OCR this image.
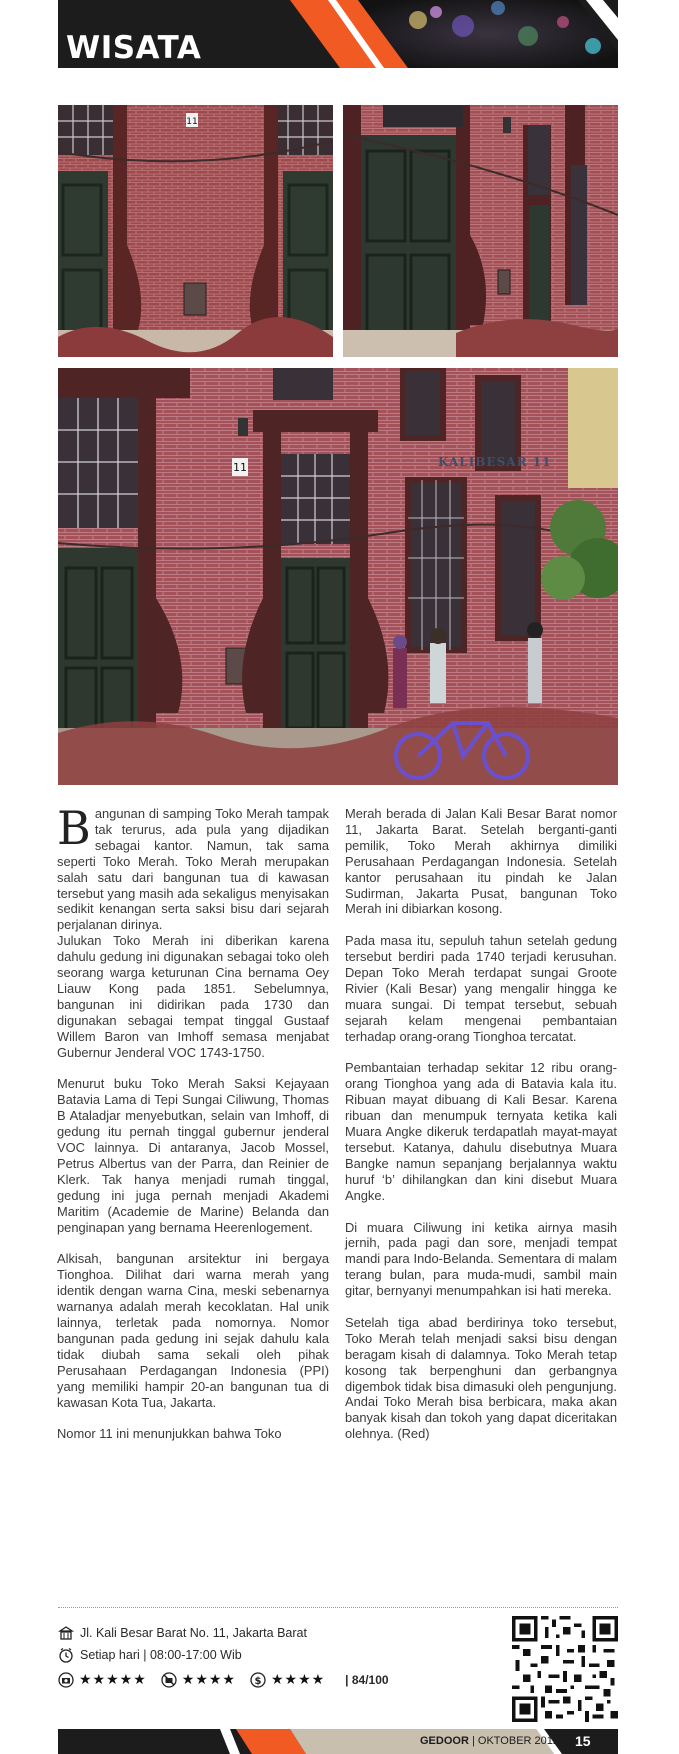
WISATA
11
KALIBESAR 11
11

Bangunan di samping Toko Merah tampak tak terurus, ada pula yang dijadikan sebagai kantor. Namun, tak sama seperti Toko Merah. Toko Merah merupakan salah satu dari bangunan tua di kawasan tersebut yang masih ada sekaligus menyisakan sedikit kenangan serta saksi bisu dari sejarah perjalanan dirinya.

Julukan Toko Merah ini diberikan karena dahulu gedung ini digunakan sebagai toko oleh seorang warga keturunan Cina bernama Oey Liauw Kong pada 1851. Sebelumnya, bangunan ini didirikan pada 1730 dan digunakan sebagai tempat tinggal Gustaaf Willem Baron van Imhoff semasa menjabat Gubernur Jenderal VOC 1743-1750.

Menurut buku Toko Merah Saksi Kejayaan Batavia Lama di Tepi Sungai Ciliwung, Thomas B Ataladjar menyebutkan, selain van Imhoff, di gedung itu pernah tinggal gubernur jenderal VOC lainnya. Di antaranya, Jacob Mossel, Petrus Albertus van der Parra, dan Reinier de Klerk. Tak hanya menjadi rumah tinggal, gedung ini juga pernah menjadi Akademi Maritim (Academie de Marine) Belanda dan penginapan yang bernama Heerenlogement.

Alkisah, bangunan arsitektur ini bergaya Tionghoa. Dilihat dari warna merah yang identik dengan warna Cina, meski sebenarnya warnanya adalah merah kecoklatan. Hal unik lainnya, terletak pada nomornya. Nomor bangunan pada gedung ini sejak dahulu kala tidak diubah sama sekali oleh pihak Perusahaan Perdagangan Indonesia (PPI) yang memiliki hampir 20-an bangunan tua di kawasan Kota Tua, Jakarta.

Nomor 11 ini menunjukkan bahwa Toko

Merah berada di Jalan Kali Besar Barat nomor 11, Jakarta Barat. Setelah berganti-ganti pemilik, Toko Merah akhirnya dimiliki Perusahaan Perdagangan Indonesia. Setelah kantor perusahaan itu pindah ke Jalan Sudirman, Jakarta Pusat, bangunan Toko Merah ini dibiarkan kosong.

Pada masa itu, sepuluh tahun setelah gedung tersebut berdiri pada 1740 terjadi kerusuhan. Depan Toko Merah terdapat sungai Groote Rivier (Kali Besar) yang mengalir hingga ke muara sungai. Di tempat tersebut, sebuah sejarah kelam mengenai pembantaian terhadap orang-orang Tionghoa tercatat.

Pembantaian terhadap sekitar 12 ribu orang-orang Tionghoa yang ada di Batavia kala itu. Ribuan mayat dibuang di Kali Besar. Karena ribuan dan menumpuk ternyata ketika kali Muara Angke dikeruk terdapatlah mayat-mayat tersebut. Katanya, dahulu disebutnya Muara Bangke namun sepanjang berjalannya waktu huruf ‘b’ dihilangkan dan kini disebut Muara Angke.

Di muara Ciliwung ini ketika airnya masih jernih, pada pagi dan sore, menjadi tempat mandi para Indo-Belanda. Sementara di malam terang bulan, para muda-mudi, sambil main gitar, bernyanyi menumpahkan isi hati mereka.

Setelah tiga abad berdirinya toko tersebut, Toko Merah telah menjadi saksi bisu dengan beragam kisah di dalamnya. Toko Merah tetap kosong tak berpenghuni dan gerbangnya digembok tidak bisa dimasuki oleh pengunjung. Andai Toko Merah bisa berbicara, maka akan banyak kisah dan tokoh yang dapat diceritakan olehnya. (Red)

Jl. Kali Besar Barat No. 11, Jakarta Barat
Setiap hari | 08:00-17:00 Wib
★★★★★	★★★★ $ ★★★★ | 84/100
GEDOOR | OKTOBER 2012 15
